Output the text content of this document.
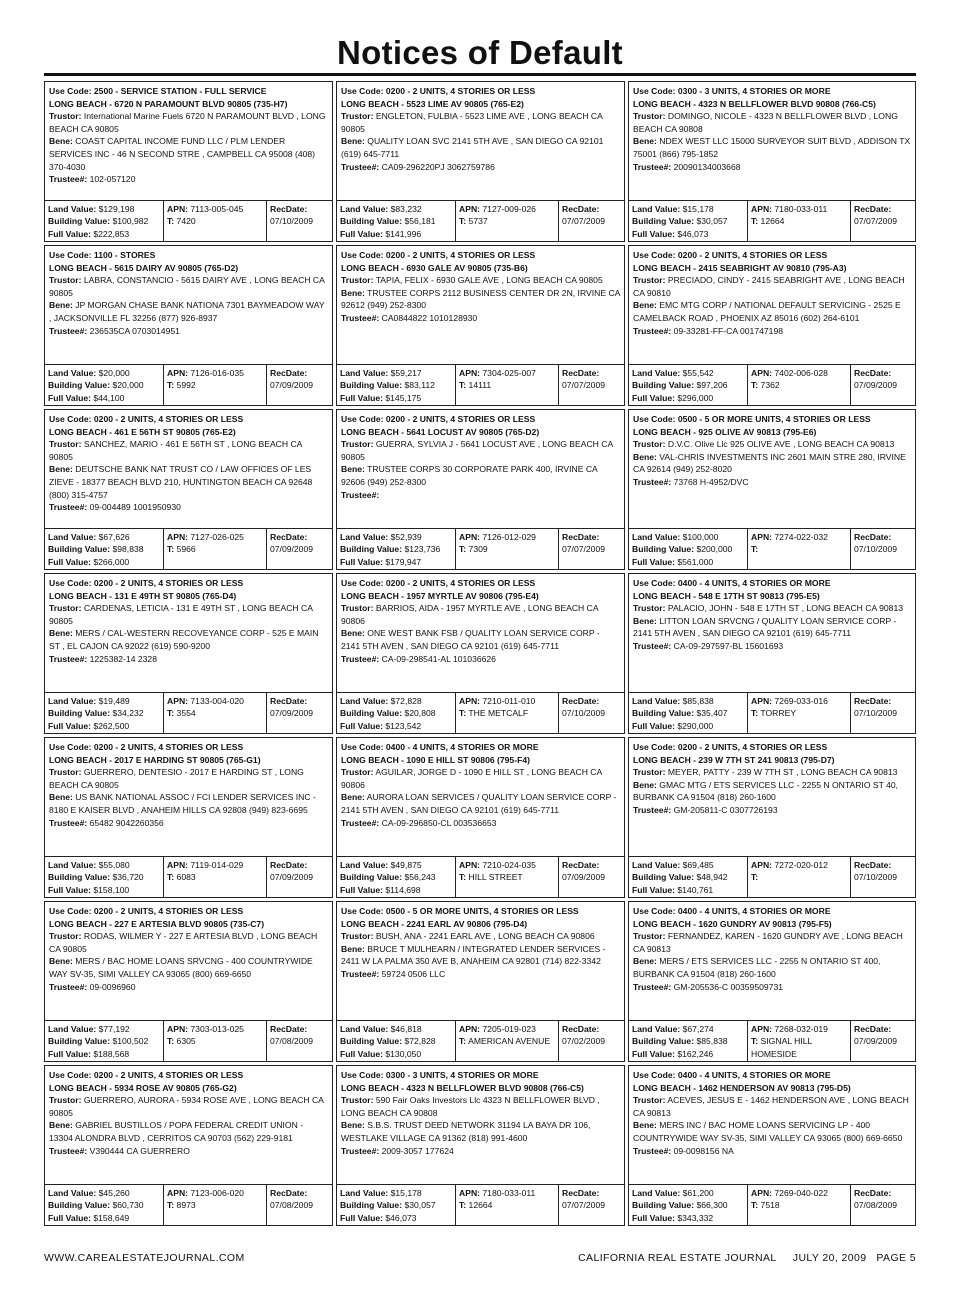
Notices of Default
Use Code: 2500 - SERVICE STATION - FULL SERVICE
LONG BEACH - 6720 N PARAMOUNT BLVD 90805 (735-H7)
Trustor: International Marine Fuels 6720 N PARAMOUNT BLVD , LONG BEACH CA 90805
Bene: COAST CAPITAL INCOME FUND LLC / PLM LENDER SERVICES INC - 46 N SECOND STRE , CAMPBELL CA 95008 (408) 370-4030
Trustee#: 102-057120
Land Value: $129,198
Building Value: $100,982
Full Value: $222,853
APN: 7113-005-045
T: 7420
RecDate:
07/10/2009
Use Code: 0200 - 2 UNITS, 4 STORIES OR LESS
LONG BEACH - 5523 LIME AV 90805 (765-E2)
Trustor: ENGLETON, FULBIA - 5523 LIME AVE , LONG BEACH CA 90805
Bene: QUALITY LOAN SVC 2141 5TH AVE , SAN DIEGO CA 92101 (619) 645-7711
Trustee#: CA09-296220PJ 3062759786
Land Value: $83,232
Building Value: $56,181
Full Value: $141,996
APN: 7127-009-026
T: 5737
RecDate:
07/07/2009
Use Code: 0300 - 3 UNITS, 4 STORIES OR MORE
LONG BEACH - 4323 N BELLFLOWER BLVD 90808 (766-C5)
Trustor: DOMINGO, NICOLE - 4323 N BELLFLOWER BLVD , LONG BEACH CA 90808
Bene: NDEX WEST LLC 15000 SURVEYOR SUIT BLVD , ADDISON TX 75001 (866) 795-1852
Trustee#: 20090134003668
Land Value: $15,178
Building Value: $30,057
Full Value: $46,073
APN: 7180-033-011
T: 12664
RecDate:
07/07/2009
Use Code: 1100 - STORES
LONG BEACH - 5615 DAIRY AV 90805 (765-D2)
Trustor: LABRA, CONSTANCIO - 5615 DAIRY AVE , LONG BEACH CA 90805
Bene: JP MORGAN CHASE BANK NATIONA 7301 BAYMEADOW WAY , JACKSONVILLE FL 32256 (877) 926-8937
Trustee#: 236535CA 0703014951
Land Value: $20,000
Building Value: $20,000
Full Value: $44,100
APN: 7126-016-035
T: 5992
RecDate:
07/09/2009
Use Code: 0200 - 2 UNITS, 4 STORIES OR LESS
LONG BEACH - 6930 GALE AV 90805 (735-B6)
Trustor: TAPIA, FELIX - 6930 GALE AVE , LONG BEACH CA 90805
Bene: TRUSTEE CORPS 2112 BUSINESS CENTER DR 2N, IRVINE CA 92612 (949) 252-8300
Trustee#: CA0844822 1010128930
Land Value: $59,217
Building Value: $83,112
Full Value: $145,175
APN: 7304-025-007
T: 14111
RecDate:
07/07/2009
Use Code: 0200 - 2 UNITS, 4 STORIES OR LESS
LONG BEACH - 2415 SEABRIGHT AV 90810 (795-A3)
Trustor: PRECIADO, CINDY - 2415 SEABRIGHT AVE , LONG BEACH CA 90810
Bene: EMC MTG CORP / NATIONAL DEFAULT SERVICING - 2525 E CAMELBACK ROAD , PHOENIX AZ 85016 (602) 264-6101
Trustee#: 09-33281-FF-CA 001747198
Land Value: $55,542
Building Value: $97,206
Full Value: $296,000
APN: 7402-006-028
T: 7362
RecDate:
07/09/2009
Use Code: 0200 - 2 UNITS, 4 STORIES OR LESS
LONG BEACH - 461 E 56TH ST 90805 (765-E2)
Trustor: SANCHEZ, MARIO - 461 E 56TH ST , LONG BEACH CA 90805
Bene: DEUTSCHE BANK NAT TRUST CO / LAW OFFICES OF LES ZIEVE - 18377 BEACH BLVD 210, HUNTINGTON BEACH CA 92648 (800) 315-4757
Trustee#: 09-004489 1001950930
Land Value: $67,626
Building Value: $98,838
Full Value: $266,000
APN: 7127-026-025
T: 5966
RecDate:
07/09/2009
Use Code: 0200 - 2 UNITS, 4 STORIES OR LESS
LONG BEACH - 5641 LOCUST AV 90805 (765-D2)
Trustor: GUERRA, SYLVIA J - 5641 LOCUST AVE , LONG BEACH CA 90805
Bene: TRUSTEE CORPS 30 CORPORATE PARK 400, IRVINE CA 92606 (949) 252-8300
Trustee#:
Land Value: $52,939
Building Value: $123,736
Full Value: $179,947
APN: 7126-012-029
T: 7309
RecDate:
07/07/2009
Use Code: 0500 - 5 OR MORE UNITS, 4 STORIES OR LESS
LONG BEACH - 925 OLIVE AV 90813 (795-E6)
Trustor: D.V.C. Olive Llc 925 OLIVE AVE , LONG BEACH CA 90813
Bene: VAL-CHRIS INVESTMENTS INC 2601 MAIN STRE 280, IRVINE CA 92614 (949) 252-8020
Trustee#: 73768 H-4952/DVC
Land Value: $100,000
Building Value: $200,000
Full Value: $561,000
APN: 7274-022-032
T:
RecDate:
07/10/2009
Use Code: 0200 - 2 UNITS, 4 STORIES OR LESS
LONG BEACH - 131 E 49TH ST 90805 (765-D4)
Trustor: CARDENAS, LETICIA - 131 E 49TH ST , LONG BEACH CA 90805
Bene: MERS / CAL-WESTERN RECOVEYANCE CORP - 525 E MAIN ST , EL CAJON CA 92022 (619) 590-9200
Trustee#: 1225382-14 2328
Land Value: $19,489
Building Value: $34,232
Full Value: $262,500
APN: 7133-004-020
T: 3554
RecDate:
07/09/2009
Use Code: 0200 - 2 UNITS, 4 STORIES OR LESS
LONG BEACH - 1957 MYRTLE AV 90806 (795-E4)
Trustor: BARRIOS, AIDA - 1957 MYRTLE AVE , LONG BEACH CA 90806
Bene: ONE WEST BANK FSB / QUALITY LOAN SERVICE CORP - 2141 5TH AVEN , SAN DIEGO CA 92101 (619) 645-7711
Trustee#: CA-09-298541-AL 101036626
Land Value: $72,828
Building Value: $20,808
Full Value: $123,542
APN: 7210-011-010
T: THE METCALF
RecDate:
07/10/2009
Use Code: 0400 - 4 UNITS, 4 STORIES OR MORE
LONG BEACH - 548 E 17TH ST 90813 (795-E5)
Trustor: PALACIO, JOHN - 548 E 17TH ST , LONG BEACH CA 90813
Bene: LITTON LOAN SRVCNG / QUALITY LOAN SERVICE CORP - 2141 5TH AVEN , SAN DIEGO CA 92101 (619) 645-7711
Trustee#: CA-09-297597-BL 15601693
Land Value: $85,838
Building Value: $35,407
Full Value: $290,000
APN: 7269-033-016
T: TORREY
RecDate:
07/10/2009
Use Code: 0200 - 2 UNITS, 4 STORIES OR LESS
LONG BEACH - 2017 E HARDING ST 90805 (765-G1)
Trustor: GUERRERO, DENTESIO - 2017 E HARDING ST , LONG BEACH CA 90805
Bene: US BANK NATIONAL ASSOC / FCI LENDER SERVICES INC - 8180 E KAISER BLVD , ANAHEIM HILLS CA 92808 (949) 823-6695
Trustee#: 65482 9042260356
Land Value: $55,080
Building Value: $36,720
Full Value: $158,100
APN: 7119-014-029
T: 6083
RecDate:
07/09/2009
Use Code: 0400 - 4 UNITS, 4 STORIES OR MORE
LONG BEACH - 1090 E HILL ST 90806 (795-F4)
Trustor: AGUILAR, JORGE D - 1090 E HILL ST , LONG BEACH CA 90806
Bene: AURORA LOAN SERVICES / QUALITY LOAN SERVICE CORP - 2141 5TH AVEN , SAN DIEGO CA 92101 (619) 645-7711
Trustee#: CA-09-296850-CL 003536653
Land Value: $49,875
Building Value: $56,243
Full Value: $114,698
APN: 7210-024-035
T: HILL STREET
RecDate:
07/09/2009
Use Code: 0200 - 2 UNITS, 4 STORIES OR LESS
LONG BEACH - 239 W 7TH ST 241 90813 (795-D7)
Trustor: MEYER, PATTY - 239 W 7TH ST , LONG BEACH CA 90813
Bene: GMAC MTG / ETS SERVICES LLC - 2255 N ONTARIO ST 40, BURBANK CA 91504 (818) 260-1600
Trustee#: GM-205811-C 0307726193
Land Value: $69,485
Building Value: $48,942
Full Value: $140,761
APN: 7272-020-012
T:
RecDate:
07/10/2009
Use Code: 0200 - 2 UNITS, 4 STORIES OR LESS
LONG BEACH - 227 E ARTESIA BLVD 90805 (735-C7)
Trustor: RODAS, WILMER Y - 227 E ARTESIA BLVD , LONG BEACH CA 90805
Bene: MERS / BAC HOME LOANS SRVCNG - 400 COUNTRYWIDE WAY SV-35, SIMI VALLEY CA 93065 (800) 669-6650
Trustee#: 09-0096960
Land Value: $77,192
Building Value: $100,502
Full Value: $188,568
APN: 7303-013-025
T: 6305
RecDate:
07/08/2009
Use Code: 0500 - 5 OR MORE UNITS, 4 STORIES OR LESS
LONG BEACH - 2241 EARL AV 90806 (795-D4)
Trustor: BUSH, ANA - 2241 EARL AVE , LONG BEACH CA 90806
Bene: BRUCE T MULHEARN / INTEGRATED LENDER SERVICES - 2411 W LA PALMA 350 AVE B, ANAHEIM CA 92801 (714) 822-3342
Trustee#: 59724 0506 LLC
Land Value: $46,818
Building Value: $72,828
Full Value: $130,050
APN: 7205-019-023
T: AMERICAN AVENUE
RecDate:
07/02/2009
Use Code: 0400 - 4 UNITS, 4 STORIES OR MORE
LONG BEACH - 1620 GUNDRY AV 90813 (795-F5)
Trustor: FERNANDEZ, KAREN - 1620 GUNDRY AVE , LONG BEACH CA 90813
Bene: MERS / ETS SERVICES LLC - 2255 N ONTARIO ST 400, BURBANK CA 91504 (818) 260-1600
Trustee#: GM-205536-C 00359509731
Land Value: $67,274
Building Value: $85,838
Full Value: $162,246
APN: 7268-032-019
T: SIGNAL HILL HOMESIDE
RecDate:
07/09/2009
Use Code: 0200 - 2 UNITS, 4 STORIES OR LESS
LONG BEACH - 5934 ROSE AV 90805 (765-G2)
Trustor: GUERRERO, AURORA - 5934 ROSE AVE , LONG BEACH CA 90805
Bene: GABRIEL BUSTILLOS / POPA FEDERAL CREDIT UNION - 13304 ALONDRA BLVD , CERRITOS CA 90703 (562) 229-9181
Trustee#: V390444 CA GUERRERO
Land Value: $45,260
Building Value: $60,730
Full Value: $158,649
APN: 7123-006-020
T: 8973
RecDate:
07/08/2009
Use Code: 0300 - 3 UNITS, 4 STORIES OR MORE
LONG BEACH - 4323 N BELLFLOWER BLVD 90808 (766-C5)
Trustor: 590 Fair Oaks Investors Llc 4323 N BELLFLOWER BLVD , LONG BEACH CA 90808
Bene: S.B.S. TRUST DEED NETWORK 31194 LA BAYA DR 106, WESTLAKE VILLAGE CA 91362 (818) 991-4600
Trustee#: 2009-3057 177624
Land Value: $15,178
Building Value: $30,057
Full Value: $46,073
APN: 7180-033-011
T: 12664
RecDate:
07/07/2009
Use Code: 0400 - 4 UNITS, 4 STORIES OR MORE
LONG BEACH - 1462 HENDERSON AV 90813 (795-D5)
Trustor: ACEVES, JESUS E - 1462 HENDERSON AVE , LONG BEACH CA 90813
Bene: MERS INC / BAC HOME LOANS SERVICING LP - 400 COUNTRYWIDE WAY SV-35, SIMI VALLEY CA 93065 (800) 669-6650
Trustee#: 09-0098156 NA
Land Value: $61,200
Building Value: $66,300
Full Value: $343,332
APN: 7269-040-022
T: 7518
RecDate:
07/08/2009
WWW.CAREALESTATEJOURNAL.COM	CALIFORNIA REAL ESTATE JOURNAL     JULY 20, 2009   PAGE 5
